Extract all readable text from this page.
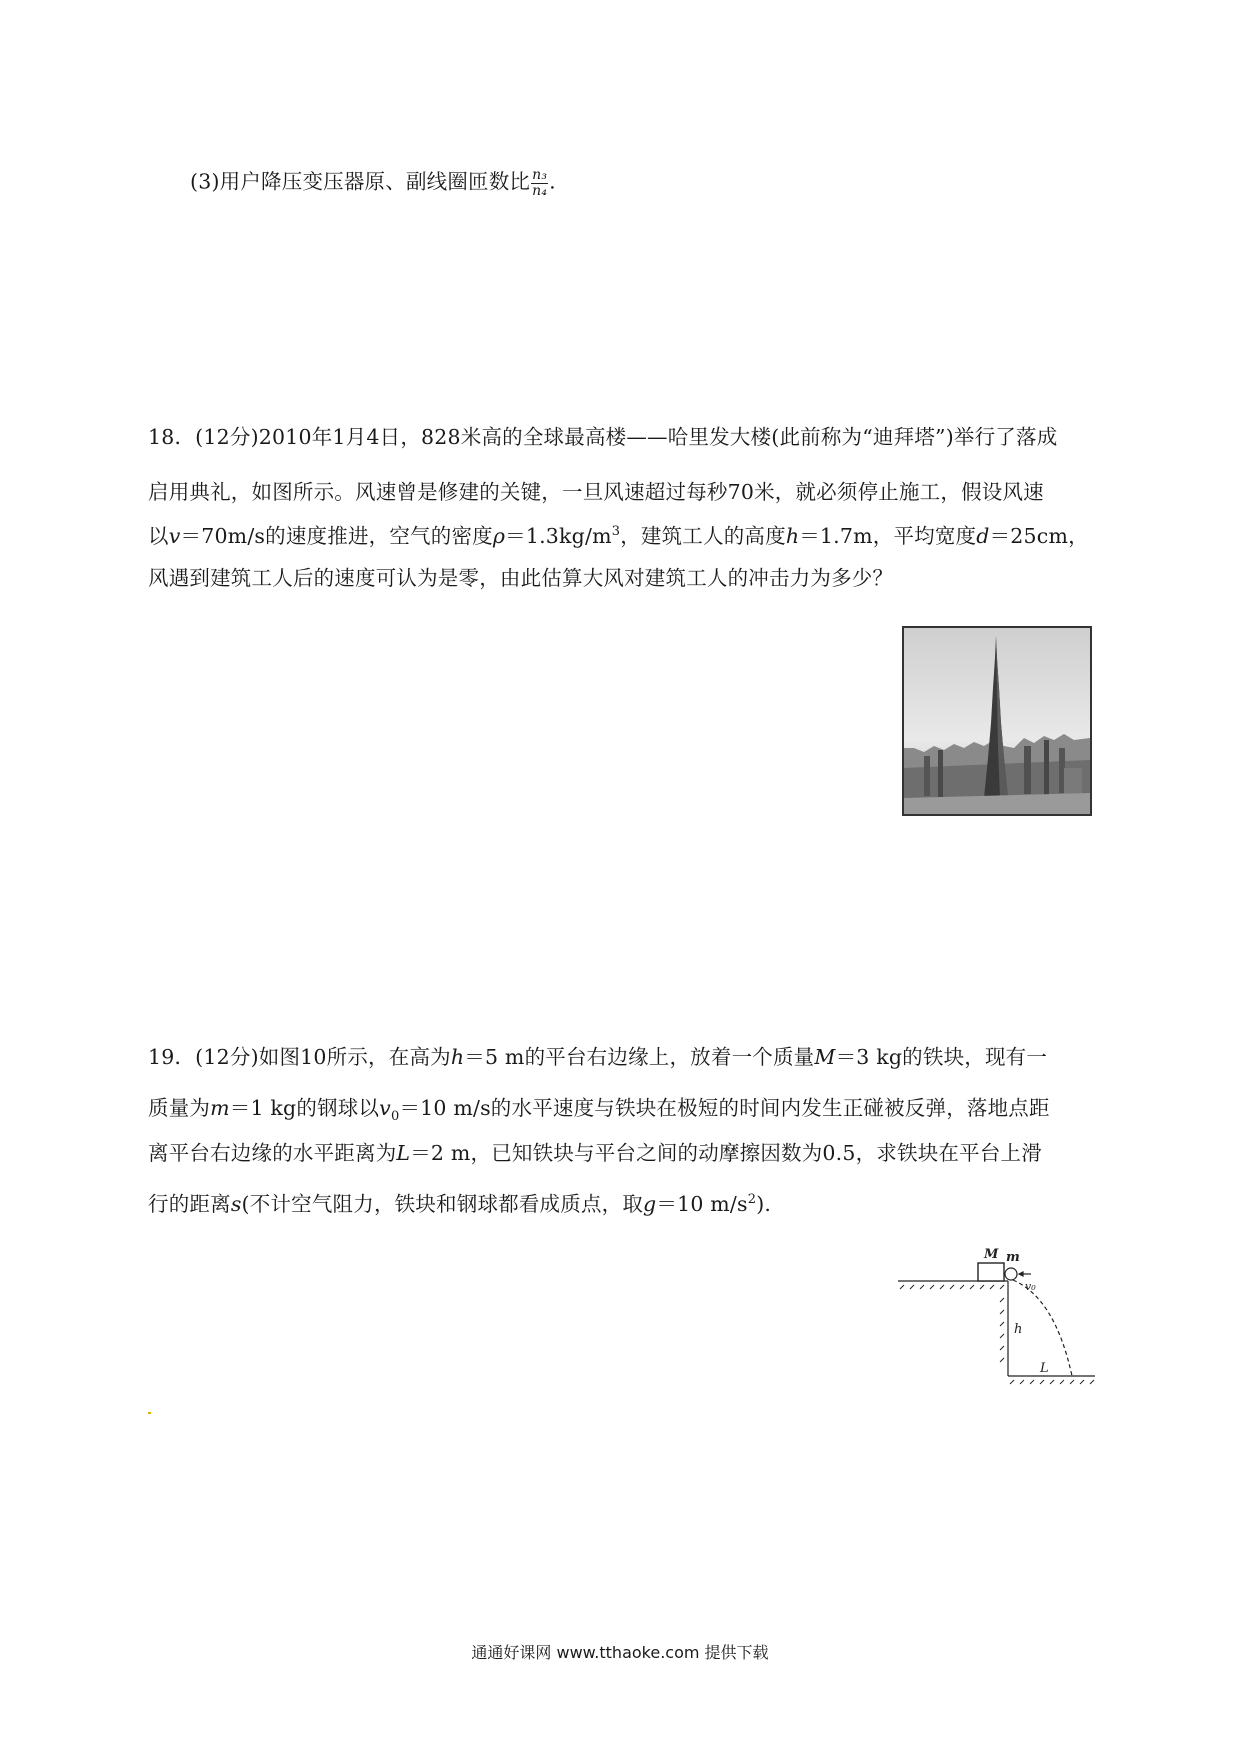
(3)用户降压变压器原、副线圈匝数比 $\frac{\text{n₃}}{\text{n₄}}$ .
18．(12分)2010年1月4日，828米高的全球最高楼——哈里发大楼(此前称为“迪拜塔”)举行了落成
启用典礼，如图所示。风速曾是修建的关键，一旦风速超过每秒70米，就必须停止施工，假设风速
以v＝70m/s的速度推进，空气的密度$\rho=1.3kg/m^3$，建筑工人的高度h＝1.7m，平均宽度d＝25cm，
风遇到建筑工人后的速度可认为是零，由此估算大风对建筑工人的冲击力为多少？
19．(12分)如图10所示，在高为h＝5 m的平台右边缘上，放着一个质量M＝3 kg的铁块，现有一
质量为m＝1 kg的钢球以$v_0=10$ m/s的水平速度与铁块在极短的时间内发生正碰被反弹，落地点距
离平台右边缘的水平距离为L＝2 m，已知铁块与平台之间的动摩擦因数为0.5，求铁块在平台上滑
行的距离s(不计空气阻力，铁块和钢球都看成质点，取g＝10 $m/s^2$).
M m
v₀
h
L
通通好课网 www.tthaoke.com 提供下载
